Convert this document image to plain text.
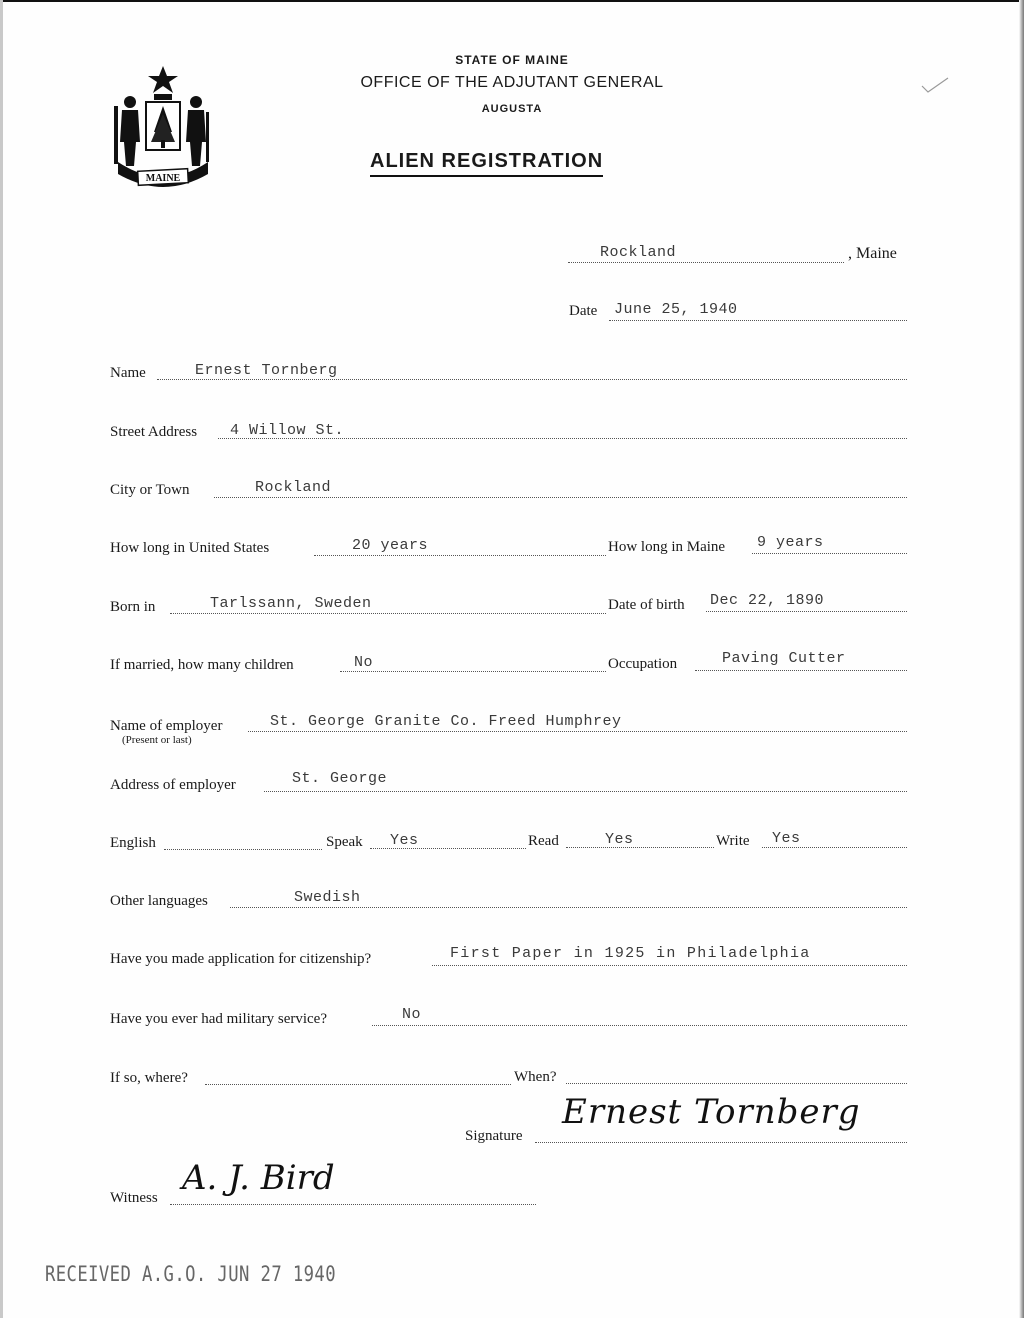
MAINE
STATE OF MAINE
OFFICE OF THE ADJUTANT GENERAL
AUGUSTA
ALIEN REGISTRATION
Rockland	, Maine
Date June 25, 1940
Name	Ernest Tornberg
Street Address 4 Willow St.
City or Town	Rockland
How long in United States	20 years	How long in Maine 9 years
Born in	Tarlssann, Sweden	Date of birth Dec 22, 1890
If married, how many children	No	Occupation	Paving Cutter
Name of employer
(Present or last)
St. George Granite Co. Freed Humphrey
Address of employer	St. George
English	Speak Yes	Read	Yes	Write Yes
Other languages	Swedish
Have you made application for citizenship?	First Paper in 1925 in Philadelphia
Have you ever had military service?	No
If so, where?	When?
Signature
Ernest Tornberg
Witness A. J. Bird
RECEIVED A.G.O. JUN 27 1940
